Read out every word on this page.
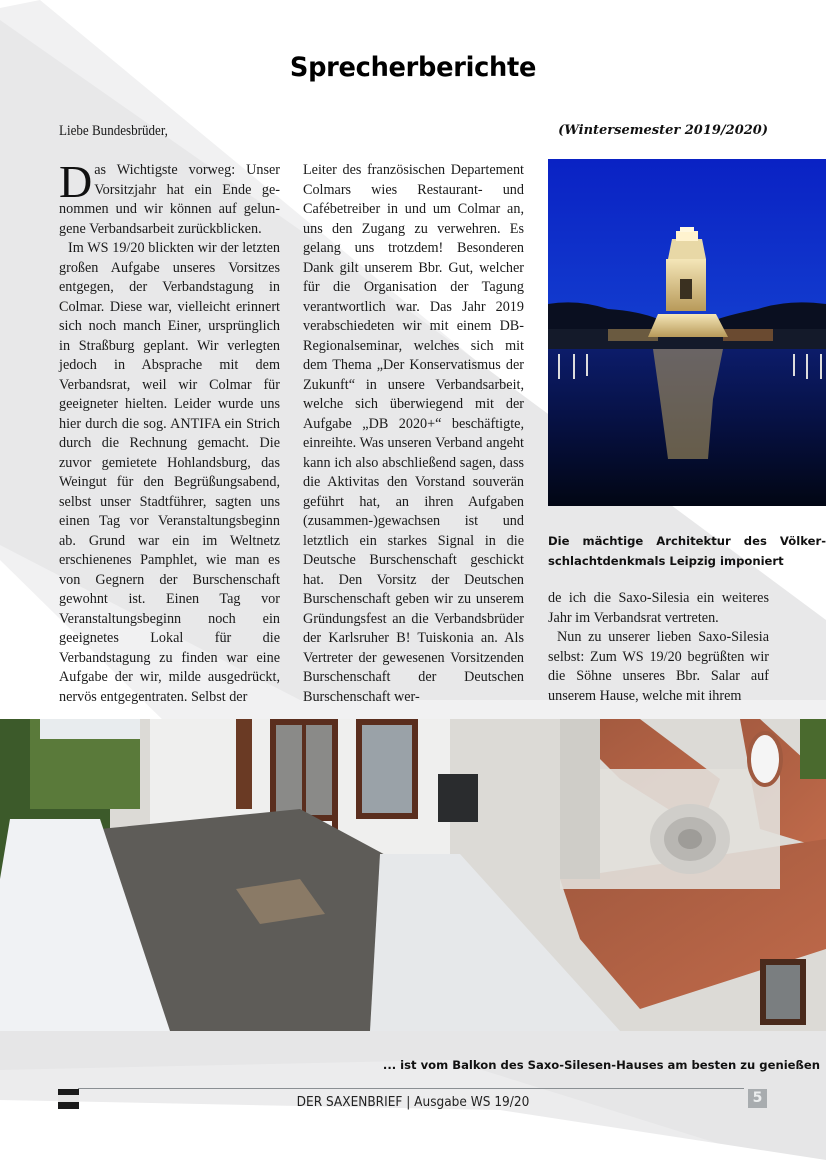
Sprecherberichte
Liebe Bundesbrüder,	(Wintersemester 2019/2020)

Das Wichtigste vorweg: Unser Vorsitzjahr hat ein Ende genommen und wir können auf gelungene Verbandsarbeit zurückblicken.

Im WS 19/20 blickten wir der letzten großen Aufgabe unseres Vorsitzes entgegen, der Verbandstagung in Colmar. Diese war, vielleicht erinnert sich noch manch Einer, ursprünglich in Straßburg geplant. Wir verlegten jedoch in Absprache mit dem Verbandsrat, weil wir Colmar für geeigneter hielten. Leider wurde uns hier durch die sog. ANTIFA ein Strich durch die Rechnung gemacht. Die zuvor gemietete Hohlandsburg, das Weingut für den Begrüßungsabend, selbst unser Stadtführer, sagten uns einen Tag vor Veranstaltungsbeginn ab. Grund war ein im Weltnetz erschienenes Pamphlet, wie man es von Gegnern der Burschenschaft gewohnt ist. Einen Tag vor Veranstaltungsbeginn noch ein geeignetes Lokal für die Verbandstagung zu finden war eine Aufgabe der wir, milde ausgedrückt, nervös entgegentraten. Selbst der

Leiter des französischen Departement Colmars wies Restaurant- und Cafébetreiber in und um Colmar an, uns den Zugang zu verwehren. Es gelang uns trotzdem! Besonderen Dank gilt unserem Bbr. Gut, welcher für die Organisation der Tagung verantwortlich war. Das Jahr 2019 verabschiedeten wir mit einem DB-Regionalseminar, welches sich mit dem Thema „Der Konservatismus der Zukunft“ in unsere Verbandsarbeit, welche sich überwiegend mit der Aufgabe „DB 2020+“ beschäftigte, einreihte. Was unseren Verband angeht kann ich also abschließend sagen, dass die Aktivitas den Vorstand souverän geführt hat, an ihren Aufgaben (zusammen-)gewachsen ist und letztlich ein starkes Signal in die Deutsche Burschenschaft geschickt hat. Den Vorsitz der Deutschen Burschenschaft geben wir zu unserem Gründungsfest an die Verbandsbrüder der Karlsruher B! Tuiskonia an. Als Vertreter der gewesenen Vorsitzenden Burschenschaft der Deutschen Burschenschaft wer-

Die mächtige Architektur des Völkerschlachtdenkmals Leipzig imponiert

de ich die Saxo-Silesia ein weiteres Jahr im Verbandsrat vertreten.

Nun zu unserer lieben Saxo-Silesia selbst: Zum WS 19/20 begrüßten wir die Söhne unseres Bbr. Salar auf unserem Hause, welche mit ihrem

... ist vom Balkon des Saxo-Silesen-Hauses am besten zu genießen
DER SAXENBRIEF | Ausgabe WS 19/20	5
